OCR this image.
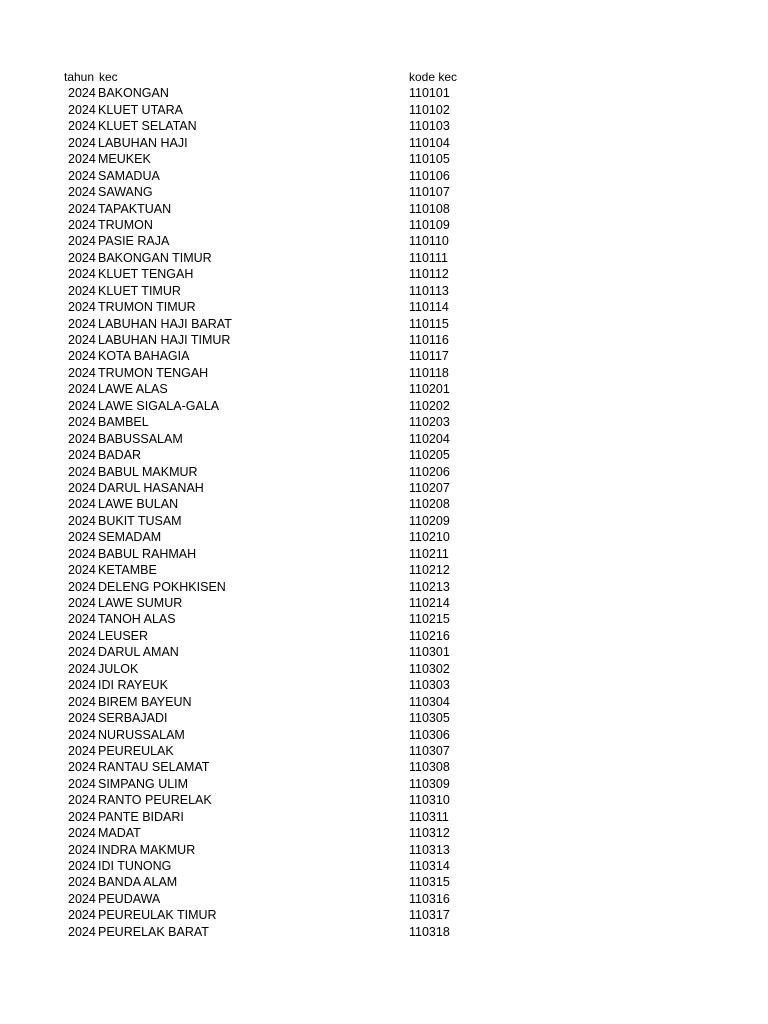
tahun kec	kode kec
2024 BAKONGAN	110101
2024 KLUET UTARA	110102
2024 KLUET SELATAN	110103
2024 LABUHAN HAJI	110104
2024 MEUKEK	110105
2024 SAMADUA	110106
2024 SAWANG	110107
2024 TAPAKTUAN	110108
2024 TRUMON	110109
2024 PASIE RAJA	110110
2024 BAKONGAN TIMUR	110111
2024 KLUET TENGAH	110112
2024 KLUET TIMUR	110113
2024 TRUMON TIMUR	110114
2024 LABUHAN HAJI BARAT	110115
2024 LABUHAN HAJI TIMUR	110116
2024 KOTA BAHAGIA	110117
2024 TRUMON TENGAH	110118
2024 LAWE ALAS	110201
2024 LAWE SIGALA-GALA	110202
2024 BAMBEL	110203
2024 BABUSSALAM	110204
2024 BADAR	110205
2024 BABUL MAKMUR	110206
2024 DARUL HASANAH	110207
2024 LAWE BULAN	110208
2024 BUKIT TUSAM	110209
2024 SEMADAM	110210
2024 BABUL RAHMAH	110211
2024 KETAMBE	110212
2024 DELENG POKHKISEN	110213
2024 LAWE SUMUR	110214
2024 TANOH ALAS	110215
2024 LEUSER	110216
2024 DARUL AMAN	110301
2024 JULOK	110302
2024 IDI RAYEUK	110303
2024 BIREM BAYEUN	110304
2024 SERBAJADI	110305
2024 NURUSSALAM	110306
2024 PEUREULAK	110307
2024 RANTAU SELAMAT	110308
2024 SIMPANG ULIM	110309
2024 RANTO PEURELAK	110310
2024 PANTE BIDARI	110311
2024 MADAT	110312
2024 INDRA MAKMUR	110313
2024 IDI TUNONG	110314
2024 BANDA ALAM	110315
2024 PEUDAWA	110316
2024 PEUREULAK TIMUR	110317
2024 PEURELAK BARAT	110318
